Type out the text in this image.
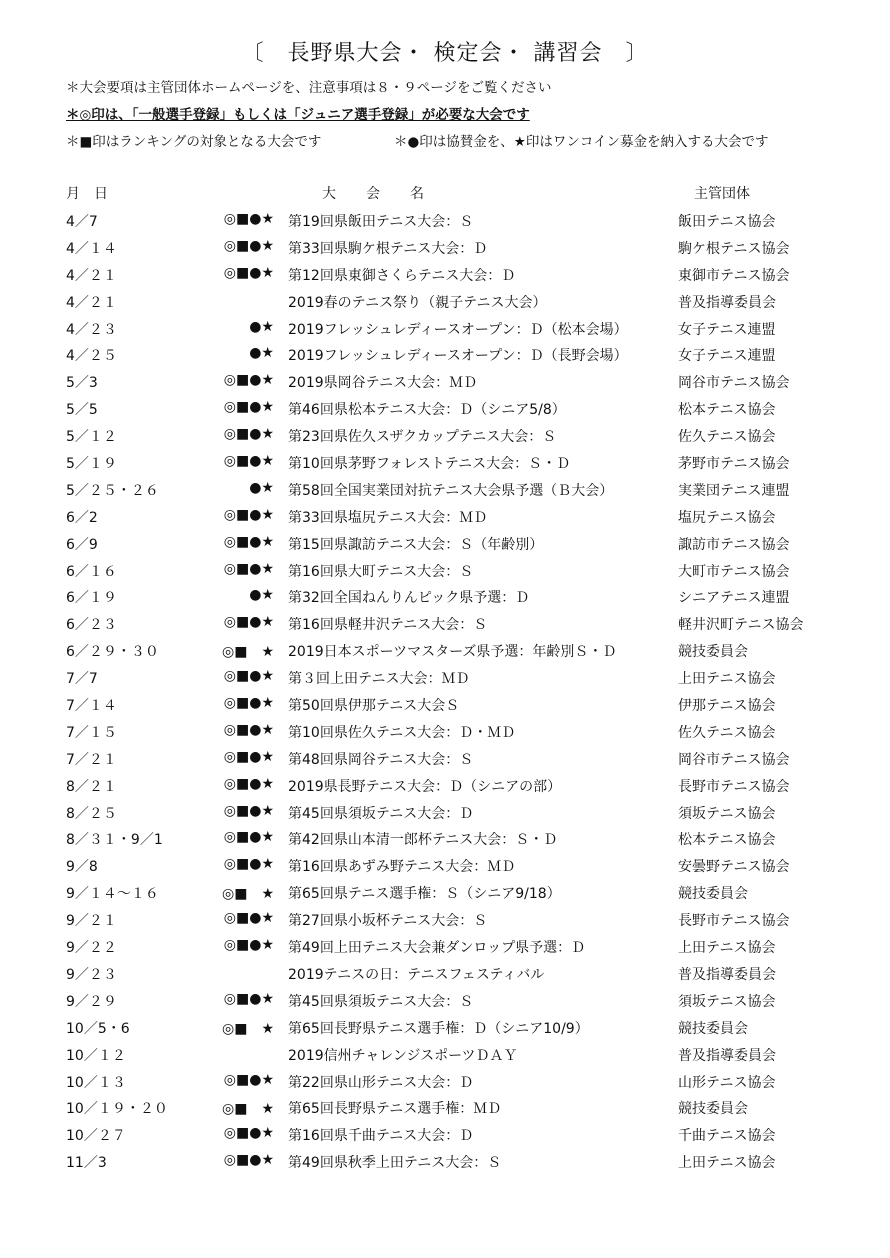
〔　長野県大会・ 検定会・ 講習会　〕
＊大会要項は主管団体ホームページを、注意事項は８・９ページをご覧ください
＊◎印は、「一般選手登録」もしくは「ジュニア選手登録」が必要な大会です
＊■印はランキングの対象となる大会です	＊●印は協賛金を、★印はワンコイン募金を納入する大会です
月　日	大会名	主管団体
4／7	◎■●★ 第19回県飯田テニス大会：Ｓ	飯田テニス協会
4／１４	◎■●★ 第33回県駒ケ根テニス大会：Ｄ	駒ケ根テニス協会
4／２１	◎■●★ 第12回県東御さくらテニス大会：Ｄ	東御市テニス協会
4／２１	2019春のテニス祭り（親子テニス大会）	普及指導委員会
4／２３	●★ 2019フレッシュレディースオープン：Ｄ（松本会場）	女子テニス連盟
4／２５	●★ 2019フレッシュレディースオープン：Ｄ（長野会場）	女子テニス連盟
5／3	◎■●★ 2019県岡谷テニス大会：ＭＤ	岡谷市テニス協会
5／5	◎■●★ 第46回県松本テニス大会：Ｄ（シニア5/8）	松本テニス協会
5／１２	◎■●★ 第23回県佐久スザクカップテニス大会：Ｓ	佐久テニス協会
5／１９	◎■●★ 第10回県茅野フォレストテニス大会：Ｓ・Ｄ	茅野市テニス協会
5／２５・２６	●★ 第58回全国実業団対抗テニス大会県予選（Ｂ大会）	実業団テニス連盟
6／2	◎■●★ 第33回県塩尻テニス大会：ＭＤ	塩尻テニス協会
6／9	◎■●★ 第15回県諏訪テニス大会：Ｓ（年齢別）	諏訪市テニス協会
6／１６	◎■●★ 第16回県大町テニス大会：Ｓ	大町市テニス協会
6／１９	●★ 第32回全国ねんりんピック県予選：Ｄ	シニアテニス連盟
6／２３	◎■●★ 第16回県軽井沢テニス大会：Ｓ	軽井沢町テニス協会
6／２９・３０	◎■　★ 2019日本スポーツマスターズ県予選：年齢別Ｓ・Ｄ	競技委員会
7／7	◎■●★ 第３回上田テニス大会：ＭＤ	上田テニス協会
7／１４	◎■●★ 第50回県伊那テニス大会Ｓ	伊那テニス協会
7／１５	◎■●★ 第10回県佐久テニス大会：Ｄ・ＭＤ	佐久テニス協会
7／２１	◎■●★ 第48回県岡谷テニス大会：Ｓ	岡谷市テニス協会
8／２１	◎■●★ 2019県長野テニス大会：Ｄ（シニアの部）	長野市テニス協会
8／２５	◎■●★ 第45回県須坂テニス大会：Ｄ	須坂テニス協会
8／３１・9／1	◎■●★ 第42回県山本清一郎杯テニス大会：Ｓ・Ｄ	松本テニス協会
9／8	◎■●★ 第16回県あずみ野テニス大会：ＭＤ	安曇野テニス協会
9／１４～１６	◎■　★ 第65回県テニス選手権：Ｓ（シニア9/18）	競技委員会
9／２１	◎■●★ 第27回県小坂杯テニス大会：Ｓ	長野市テニス協会
9／２２	◎■●★ 第49回上田テニス大会兼ダンロップ県予選：Ｄ	上田テニス協会
9／２３	2019テニスの日：テニスフェスティバル	普及指導委員会
9／２９	◎■●★ 第45回県須坂テニス大会：Ｓ	須坂テニス協会
10／5・6	◎■　★ 第65回長野県テニス選手権：Ｄ（シニア10/9）	競技委員会
10／１２	2019信州チャレンジスポーツＤＡＹ	普及指導委員会
10／１３	◎■●★ 第22回県山形テニス大会：Ｄ	山形テニス協会
10／１９・２０	◎■　★ 第65回長野県テニス選手権：ＭＤ	競技委員会
10／２７	◎■●★ 第16回県千曲テニス大会：Ｄ	千曲テニス協会
11／3	◎■●★ 第49回県秋季上田テニス大会：Ｓ	上田テニス協会
